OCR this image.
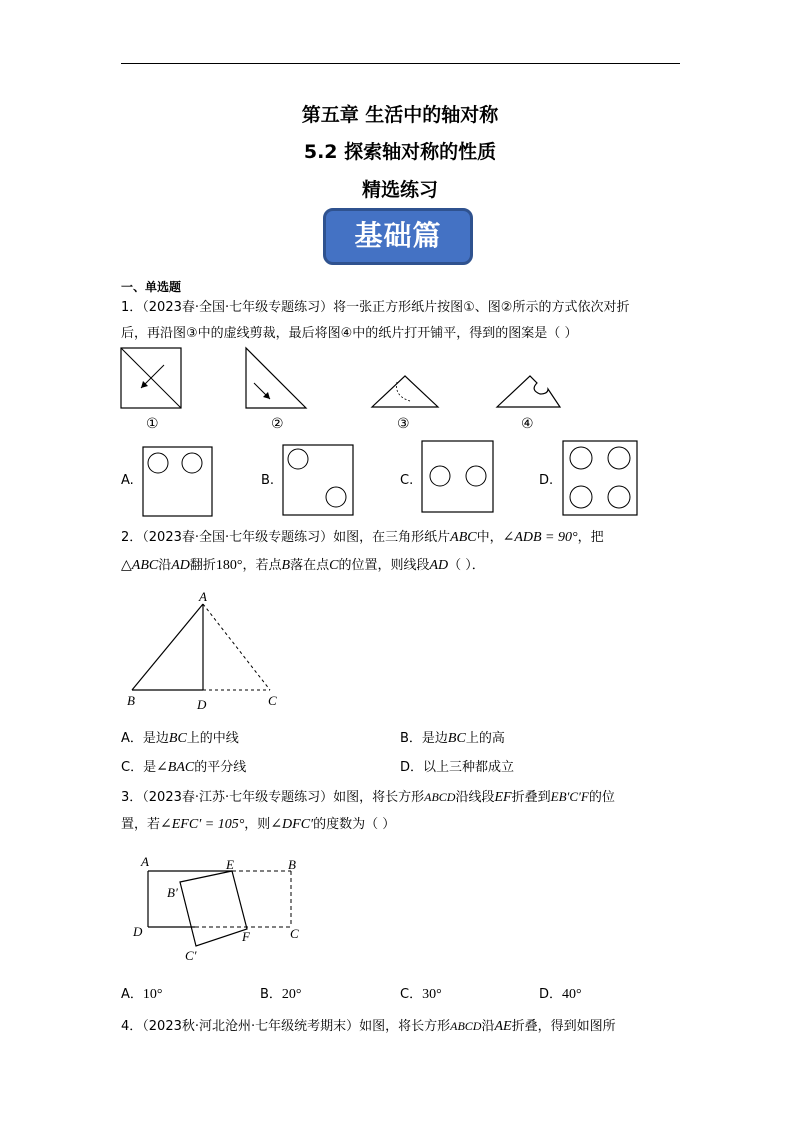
第五章 生活中的轴对称
5.2 探索轴对称的性质
精选练习
基础篇
一、单选题
1．（2023春·全国·七年级专题练习）将一张正方形纸片按图①、图②所示的方式依次对折
后，再沿图③中的虚线剪裁，最后将图④中的纸片打开铺平，得到的图案是（ ）
①	②	③	④
A.	B.	C.	D.
2．（2023春·全国·七年级专题练习）如图，在三角形纸片ABC中，∠ADB = 90°，把
△ABC沿AD翻折180°，若点B落在点C的位置，则线段AD（ ）．
A
B	D	C
A．是边BC上的中线	B．是边BC上的高
C．是∠BAC的平分线	D．以上三种都成立
3．（2023春·江苏·七年级专题练习）如图，将长方形ABCD沿线段EF折叠到EB′C′F的位
置，若∠EFC′ = 105°，则∠DFC′的度数为（ ）
A	E	B
B′
D	F	C
C′
A．10°	B．20°	C．30°	D．40°
4．（2023秋·河北沧州·七年级统考期末）如图，将长方形ABCD沿AE折叠，得到如图所
